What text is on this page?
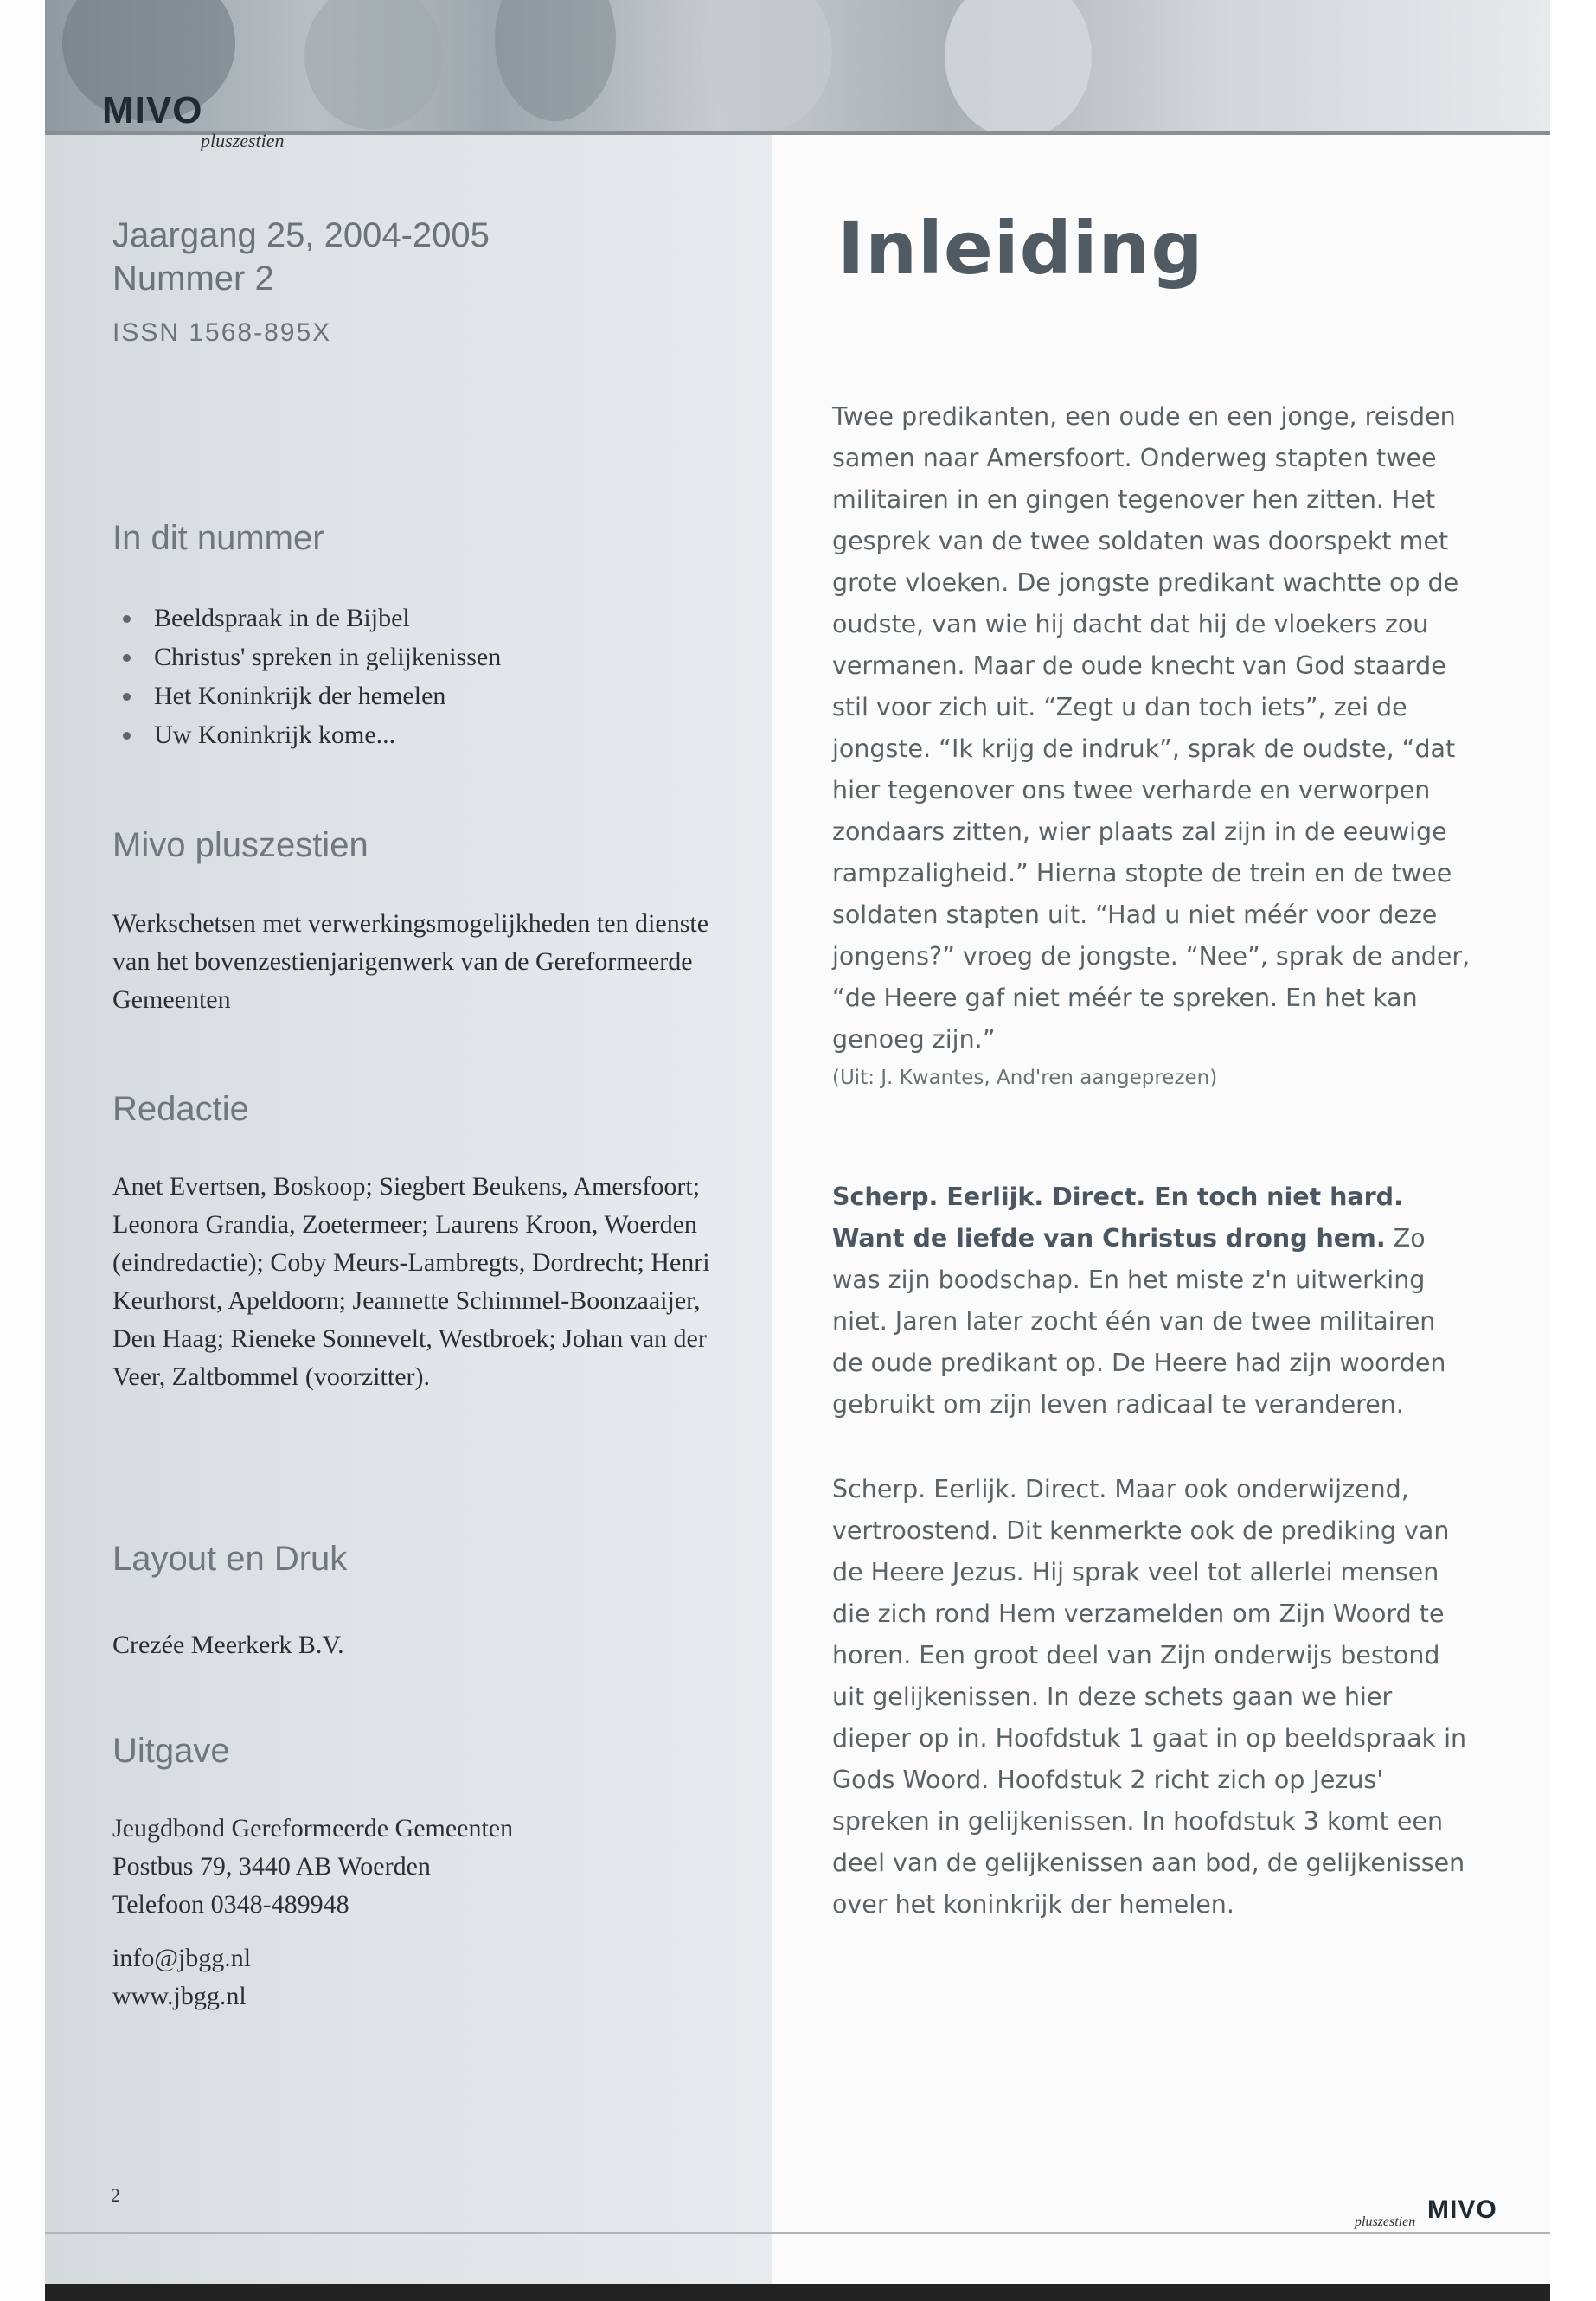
MIVO
pluszestien
Jaargang 25, 2004-2005
Nummer 2
ISSN 1568-895X
In dit nummer
Beeldspraak in de Bijbel
Christus' spreken in gelijkenissen
Het Koninkrijk der hemelen
Uw Koninkrijk kome...
Mivo pluszestien
Werkschetsen met verwerkingsmogelijkheden ten dienste van het bovenzestienjarigenwerk van de Gereformeerde Gemeenten
Redactie
Anet Evertsen, Boskoop; Siegbert Beukens, Amersfoort; Leonora Grandia, Zoetermeer; Laurens Kroon, Woerden (eindredactie); Coby Meurs-Lambregts, Dordrecht; Henri Keurhorst, Apeldoorn; Jeannette Schimmel-Boonzaaijer, Den Haag; Rieneke Sonnevelt, Westbroek; Johan van der Veer, Zaltbommel (voorzitter).
Layout en Druk
Crezée Meerkerk B.V.
Uitgave
Jeugdbond Gereformeerde Gemeenten
Postbus 79, 3440 AB Woerden
Telefoon 0348-489948
info@jbgg.nl
www.jbgg.nl
2
Inleiding

Twee predikanten, een oude en een jonge, reisden samen naar Amersfoort. Onderweg stapten twee militairen in en gingen tegenover hen zitten. Het gesprek van de twee soldaten was doorspekt met grote vloeken. De jongste predikant wachtte op de oudste, van wie hij dacht dat hij de vloekers zou vermanen. Maar de oude knecht van God staarde stil voor zich uit. “Zegt u dan toch iets”, zei de jongste. “Ik krijg de indruk”, sprak de oudste, “dat hier tegenover ons twee verharde en verworpen zondaars zitten, wier plaats zal zijn in de eeuwige rampzaligheid.” Hierna stopte de trein en de twee soldaten stapten uit. “Had u niet méér voor deze jongens?” vroeg de jongste. “Nee”, sprak de ander, “de Heere gaf niet méér te spreken. En het kan genoeg zijn.”

(Uit: J. Kwantes, And'ren aangeprezen)

Scherp. Eerlijk. Direct. En toch niet hard. Want de liefde van Christus drong hem. Zo was zijn boodschap. En het miste z'n uitwerking niet. Jaren later zocht één van de twee militairen de oude predikant op. De Heere had zijn woorden gebruikt om zijn leven radicaal te veranderen.

Scherp. Eerlijk. Direct. Maar ook onderwijzend, vertroostend. Dit kenmerkte ook de prediking van de Heere Jezus. Hij sprak veel tot allerlei mensen die zich rond Hem verzamelden om Zijn Woord te horen. Een groot deel van Zijn onderwijs bestond uit gelijkenissen. In deze schets gaan we hier dieper op in. Hoofdstuk 1 gaat in op beeldspraak in Gods Woord. Hoofdstuk 2 richt zich op Jezus' spreken in gelijkenissen. In hoofdstuk 3 komt een deel van de gelijkenissen aan bod, de gelijkenissen over het koninkrijk der hemelen.

pluszestien MIVO
